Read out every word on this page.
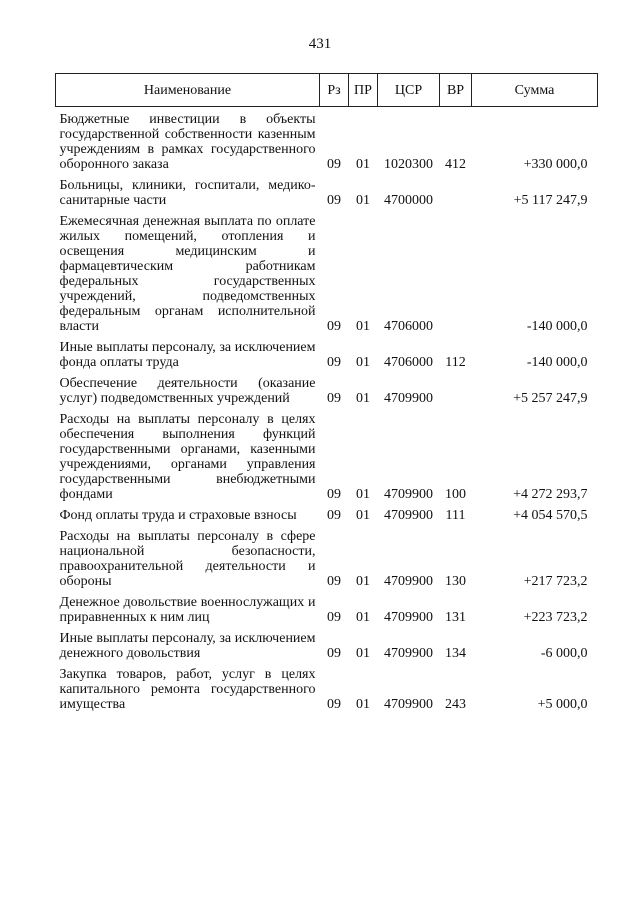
431
Наименование	Рз	ПР	ЦСР	ВР	Сумма
Бюджетные инвестиции в объекты государственной собственности казенным учреждениям в рамках государственного оборонного заказа	09	01	1020300	412	+330 000,0
Больницы, клиники, госпитали, медико-санитарные части	09	01	4700000		+5 117 247,9
Ежемесячная денежная выплата по оплате жилых помещений, отопления и освещения медицинским и фармацевтическим работникам федеральных государственных учреждений, подведомственных федеральным органам исполнительной власти	09	01	4706000		-140 000,0
Иные выплаты персоналу, за исключением фонда оплаты труда	09	01	4706000	112	-140 000,0
Обеспечение деятельности (оказание услуг) подведомственных учреждений	09	01	4709900		+5 257 247,9
Расходы на выплаты персоналу в целях обеспечения выполнения функций государственными органами, казенными учреждениями, органами управления государственными внебюджетными фондами	09	01	4709900	100	+4 272 293,7
Фонд оплаты труда и страховые взносы	09	01	4709900	111	+4 054 570,5
Расходы на выплаты персоналу в сфере национальной безопасности, правоохранительной деятельности и обороны	09	01	4709900	130	+217 723,2
Денежное довольствие военнослужащих и приравненных к ним лиц	09	01	4709900	131	+223 723,2
Иные выплаты персоналу, за исключением денежного довольствия	09	01	4709900	134	-6 000,0
Закупка товаров, работ, услуг в целях капитального ремонта государственного имущества	09	01	4709900	243	+5 000,0
